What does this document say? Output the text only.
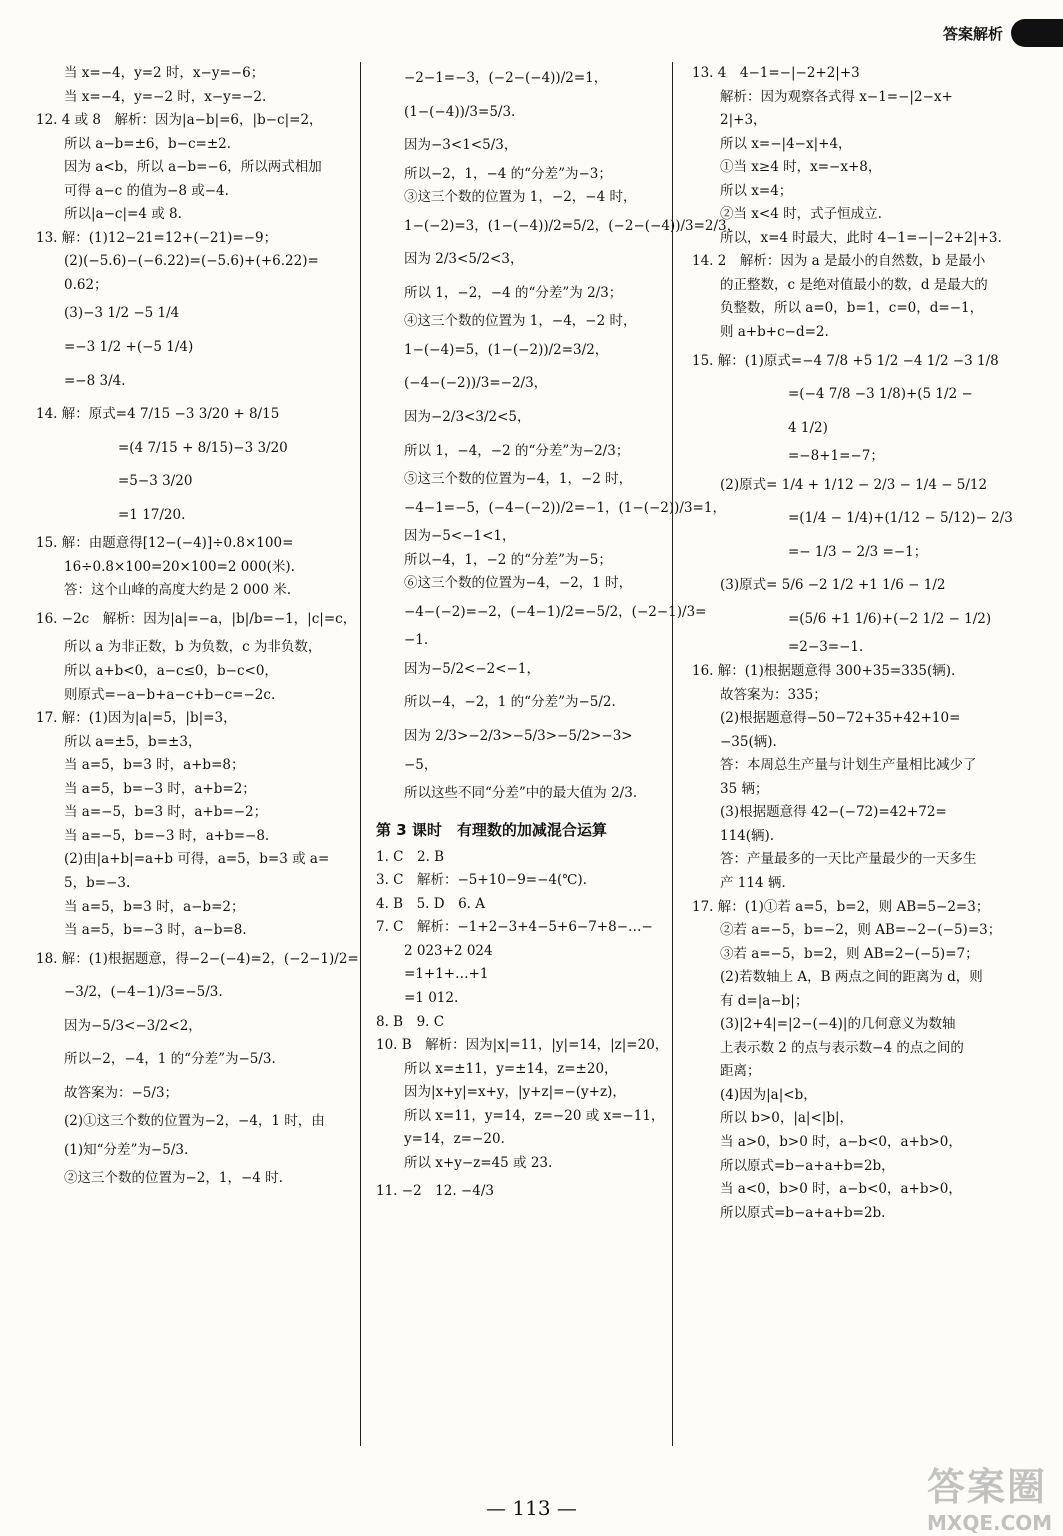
答案解析
当 x=−4，y=2 时，x−y=−6；
当 x=−4，y=−2 时，x−y=−2.
12. 4 或 8　解析：因为|a−b|=6，|b−c|=2，
所以 a−b=±6，b−c=±2.
因为 a<b，所以 a−b=−6，所以两式相加
可得 a−c 的值为−8 或−4.
所以|a−c|=4 或 8.
13. 解：(1)12−21=12+(−21)=−9；
(2)(−5.6)−(−6.22)=(−5.6)+(+6.22)=
0.62；
(3)−3 1/2 −5 1/4
=−3 1/2 +(−5 1/4)
=−8 3/4.
14. 解：原式=4 7/15 −3 3/20 + 8/15
=(4 7/15 + 8/15)−3 3/20
=5−3 3/20
=1 17/20.
15. 解：由题意得[12−(−4)]÷0.8×100=
16÷0.8×100=20×100=2 000(米).
答：这个山峰的高度大约是 2 000 米.
16. −2c　解析：因为|a|=−a，|b|/b=−1，|c|=c，
所以 a 为非正数，b 为负数，c 为非负数，
所以 a+b<0，a−c≤0，b−c<0，
则原式=−a−b+a−c+b−c=−2c.
17. 解：(1)因为|a|=5，|b|=3，
所以 a=±5，b=±3，
当 a=5，b=3 时，a+b=8；
当 a=5，b=−3 时，a+b=2；
当 a=−5，b=3 时，a+b=−2；
当 a=−5，b=−3 时，a+b=−8.
(2)由|a+b|=a+b 可得，a=5，b=3 或 a=
5，b=−3.
当 a=5，b=3 时，a−b=2；
当 a=5，b=−3 时，a−b=8.
18. 解：(1)根据题意，得−2−(−4)=2，(−2−1)/2=
−3/2，(−4−1)/3=−5/3.
因为−5/3<−3/2<2，
所以−2，−4，1 的“分差”为−5/3.
故答案为：−5/3；
(2)①这三个数的位置为−2，−4，1 时，由
(1)知“分差”为−5/3.
②这三个数的位置为−2，1，−4 时.
−2−1=−3，(−2−(−4))/2=1，
(1−(−4))/3=5/3.
因为−3<1<5/3，
所以−2，1，−4 的“分差”为−3；
③这三个数的位置为 1，−2，−4 时，
1−(−2)=3，(1−(−4))/2=5/2，(−2−(−4))/3=2/3，
因为 2/3<5/2<3，
所以 1，−2，−4 的“分差”为 2/3；
④这三个数的位置为 1，−4，−2 时，
1−(−4)=5，(1−(−2))/2=3/2，
(−4−(−2))/3=−2/3，
因为−2/3<3/2<5，
所以 1，−4，−2 的“分差”为−2/3；
⑤这三个数的位置为−4，1，−2 时，
−4−1=−5，(−4−(−2))/2=−1，(1−(−2))/3=1，
因为−5<−1<1，
所以−4，1，−2 的“分差”为−5；
⑥这三个数的位置为−4，−2，1 时，
−4−(−2)=−2，(−4−1)/2=−5/2，(−2−1)/3=
−1.
因为−5/2<−2<−1，
所以−4，−2，1 的“分差”为−5/2.
因为 2/3>−2/3>−5/3>−5/2>−3>
−5，
所以这些不同“分差”中的最大值为 2/3.
第 3 课时　有理数的加减混合运算
1. C　2. B
3. C　解析：−5+10−9=−4(℃).
4. B　5. D　6. A
7. C　解析：−1+2−3+4−5+6−7+8−…−
2 023+2 024
=1+1+…+1
=1 012.
8. B　9. C
10. B　解析：因为|x|=11，|y|=14，|z|=20，
所以 x=±11，y=±14，z=±20，
因为|x+y|=x+y，|y+z|=−(y+z)，
所以 x=11，y=14，z=−20 或 x=−11，
y=14，z=−20.
所以 x+y−z=45 或 23.
11. −2　12. −4/3
13. 4　4−1=−|−2+2|+3
解析：因为观察各式得 x−1=−|2−x+
2|+3，
所以 x=−|4−x|+4，
①当 x≥4 时，x=−x+8，
所以 x=4；
②当 x<4 时，式子恒成立.
所以，x=4 时最大，此时 4−1=−|−2+2|+3.
14. 2　解析：因为 a 是最小的自然数，b 是最小
的正整数，c 是绝对值最小的数，d 是最大的
负整数，所以 a=0，b=1，c=0，d=−1，
则 a+b+c−d=2.
15. 解：(1)原式=−4 7/8 +5 1/2 −4 1/2 −3 1/8
=(−4 7/8 −3 1/8)+(5 1/2 −
4 1/2)
=−8+1=−7；
(2)原式= 1/4 + 1/12 − 2/3 − 1/4 − 5/12
=(1/4 − 1/4)+(1/12 − 5/12)− 2/3
=− 1/3 − 2/3 =−1；
(3)原式= 5/6 −2 1/2 +1 1/6 − 1/2
=(5/6 +1 1/6)+(−2 1/2 − 1/2)
=2−3=−1.
16. 解：(1)根据题意得 300+35=335(辆).
故答案为：335；
(2)根据题意得−50−72+35+42+10=
−35(辆).
答：本周总生产量与计划生产量相比减少了
35 辆；
(3)根据题意得 42−(−72)=42+72=
114(辆).
答：产量最多的一天比产量最少的一天多生
产 114 辆.
17. 解：(1)①若 a=5，b=2，则 AB=5−2=3；
②若 a=−5，b=−2，则 AB=−2−(−5)=3；
③若 a=−5，b=2，则 AB=2−(−5)=7；
(2)若数轴上 A，B 两点之间的距离为 d，则
有 d=|a−b|；
(3)|2+4|=|2−(−4)|的几何意义为数轴
上表示数 2 的点与表示数−4 的点之间的
距离；
(4)因为|a|<b，
所以 b>0，|a|<|b|，
当 a>0，b>0 时，a−b<0，a+b>0，
所以原式=b−a+a+b=2b，
当 a<0，b>0 时，a−b<0，a+b>0，
所以原式=b−a+a+b=2b.
— 113 —	答案圈
MXQE.COM
